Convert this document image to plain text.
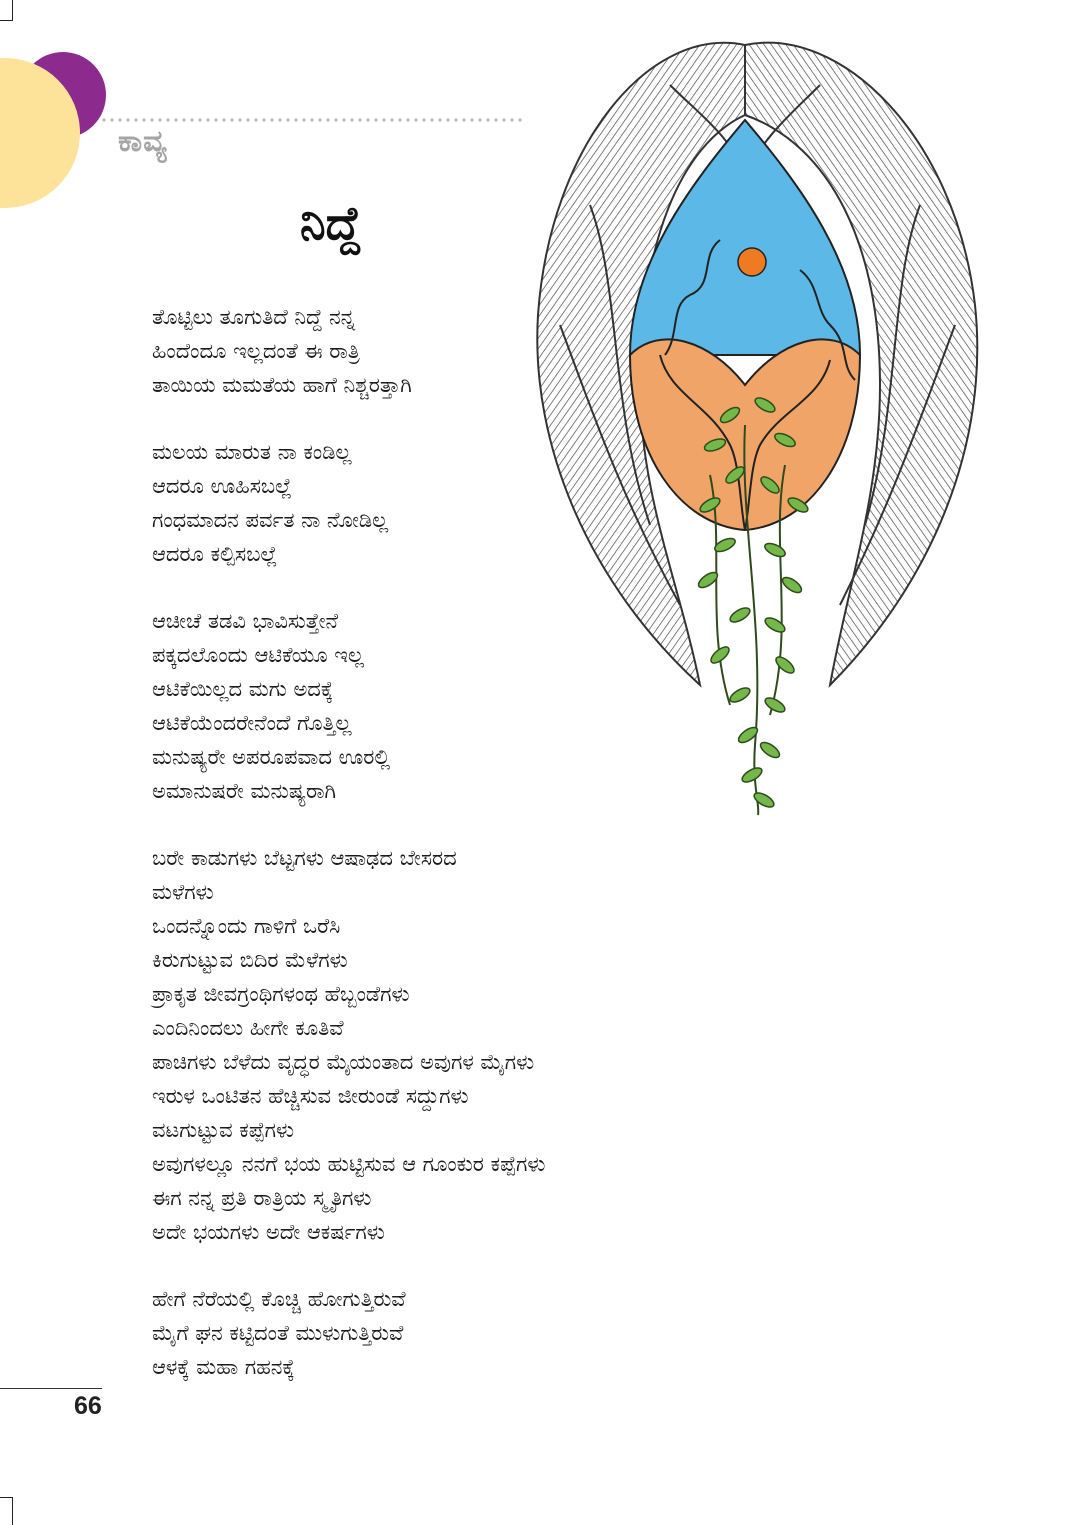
ಕಾವ್ಯ
ನಿದ್ದೆ
ತೊಟ್ಟಿಲು ತೂಗುತಿದೆ ನಿದ್ದೆ ನನ್ನ
ಹಿಂದೆಂದೂ ಇಲ್ಲದಂತೆ ಈ ರಾತ್ರಿ
ತಾಯಿಯ ಮಮತೆಯ ಹಾಗೆ ನಿಶ್ಚರತ್ತಾಗಿ
ಮಲಯ ಮಾರುತ ನಾ ಕಂಡಿಲ್ಲ
ಆದರೂ ಊಹಿಸಬಲ್ಲೆ
ಗಂಧಮಾದನ ಪರ್ವತ ನಾ ನೋಡಿಲ್ಲ
ಆದರೂ ಕಲ್ಪಿಸಬಲ್ಲೆ
ಆಚೀಚೆ ತಡವಿ ಭಾವಿಸುತ್ತೇನೆ
ಪಕ್ಕದಲೊಂದು ಆಟಿಕೆಯೂ ಇಲ್ಲ
ಆಟಿಕೆಯಿಲ್ಲದ ಮಗು ಅದಕ್ಕೆ
ಆಟಿಕೆಯೆಂದರೇನೆಂದೆ ಗೊತ್ತಿಲ್ಲ
ಮನುಷ್ಯರೇ ಅಪರೂಪವಾದ ಊರಲ್ಲಿ
ಅಮಾನುಷರೇ ಮನುಷ್ಯರಾಗಿ
ಬರೇ ಕಾಡುಗಳು ಬೆಟ್ಟಗಳು ಆಷಾಢದ ಬೇಸರದ
ಮಳೆಗಳು
ಒಂದನ್ನೊಂದು ಗಾಳಿಗೆ ಒರೆಸಿ
ಕಿರುಗುಟ್ಟುವ ಬಿದಿರ ಮೆಳೆಗಳು
ಪ್ರಾಕೃತ ಜೀವಗ್ರಂಥಿಗಳಂಥ ಹೆಬ್ಬಂಡೆಗಳು
ಎಂದಿನಿಂದಲು ಹೀಗೇ ಕೂತಿವೆ
ಪಾಚಿಗಳು ಬೆಳೆದು ವೃದ್ಧರ ಮೈಯಂತಾದ ಅವುಗಳ ಮೈಗಳು
ಇರುಳ ಒಂಟಿತನ ಹೆಚ್ಚಿಸುವ ಜೀರುಂಡೆ ಸದ್ದುಗಳು
ವಟಗುಟ್ಟುವ ಕಪ್ಪೆಗಳು
ಅವುಗಳಲ್ಲೂ ನನಗೆ ಭಯ ಹುಟ್ಟಿಸುವ ಆ ಗೂಂಕುರ ಕಪ್ಪೆಗಳು
ಈಗ ನನ್ನ ಪ್ರತಿ ರಾತ್ರಿಯ ಸ್ಮೃತಿಗಳು
ಅದೇ ಭಯಗಳು ಅದೇ ಆಕರ್ಷಗಳು
ಹೇಗೆ ನೆರೆಯಲ್ಲಿ ಕೊಚ್ಚಿ ಹೋಗುತ್ತಿರುವೆ
ಮೈಗೆ ಘನ ಕಟ್ಟಿದಂತೆ ಮುಳುಗುತ್ತಿರುವೆ
ಆಳಕ್ಕೆ ಮಹಾ ಗಹನಕ್ಕೆ
66
